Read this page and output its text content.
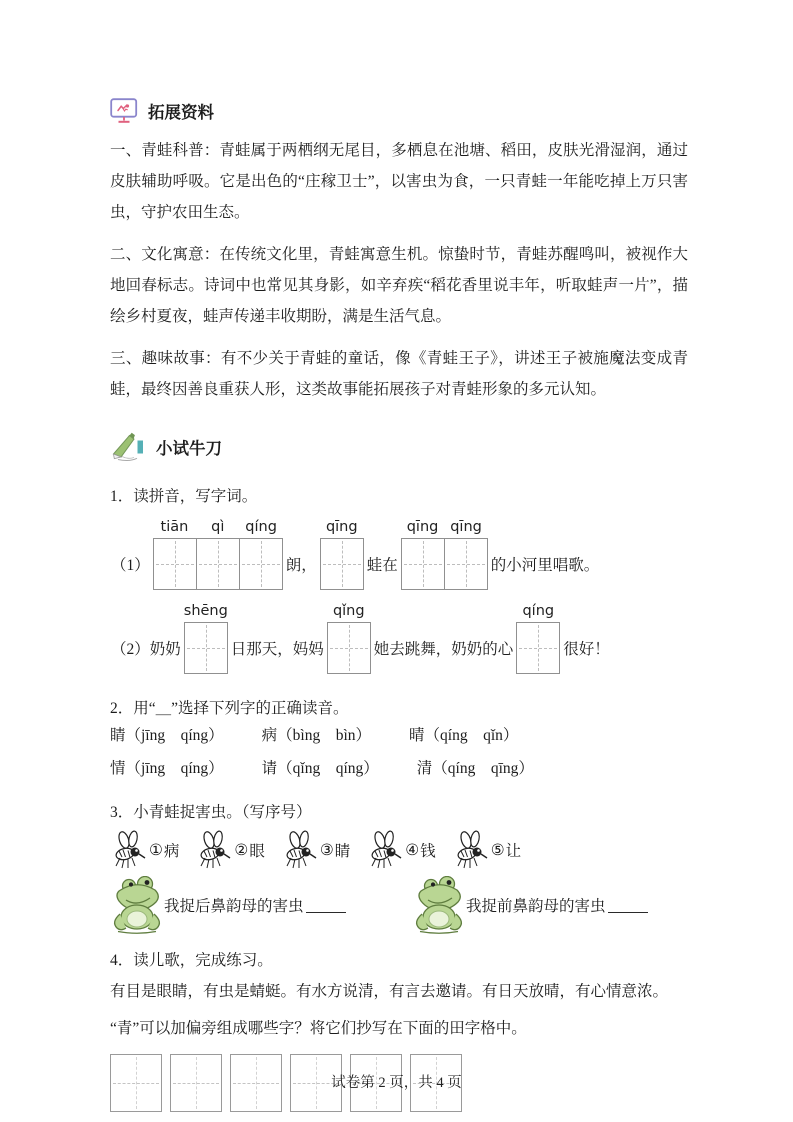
拓展资料

一、青蛙科普：青蛙属于两栖纲无尾目，多栖息在池塘、稻田，皮肤光滑湿润，通过皮肤辅助呼吸。它是出色的“庄稼卫士”，以害虫为食，一只青蛙一年能吃掉上万只害虫，守护农田生态。

二、文化寓意：在传统文化里，青蛙寓意生机。惊蛰时节，青蛙苏醒鸣叫，被视作大地回春标志。诗词中也常见其身影，如辛弃疾“稻花香里说丰年，听取蛙声一片”，描绘乡村夏夜，蛙声传递丰收期盼，满是生活气息。

三、趣味故事：有不少关于青蛙的童话，像《青蛙王子》，讲述王子被施魔法变成青蛙，最终因善良重获人形，这类故事能拓展孩子对青蛙形象的多元认知。

小试牛刀
1．读拼音，写字词。
（1）
tiān	qì	qíng
朗，
qīng
蛙在
qīng qīng
的小河里唱歌。
（2）奶奶
shēng
日那天，妈妈
qǐng
她去跳舞，奶奶的心
qíng
很好！
2．用“＿”选择下列字的正确读音。
睛（jīng　qíng） 病（bìng　bìn） 晴（qíng　qǐn）
情（jīng　qíng） 请（qǐng　qíng） 清（qíng　qīng）
3．小青蛙捉害虫。（写序号）
① 病	② 眼	③ 睛	④ 钱	⑤ 让
我捉后鼻韵母的害虫	我捉前鼻韵母的害虫
4．读儿歌，完成练习。
有目是眼睛，有虫是蜻蜓。有水方说清，有言去邀请。有日天放晴，有心情意浓。
“青”可以加偏旁组成哪些字？将它们抄写在下面的田字格中。
试卷第 2 页，共 4 页
